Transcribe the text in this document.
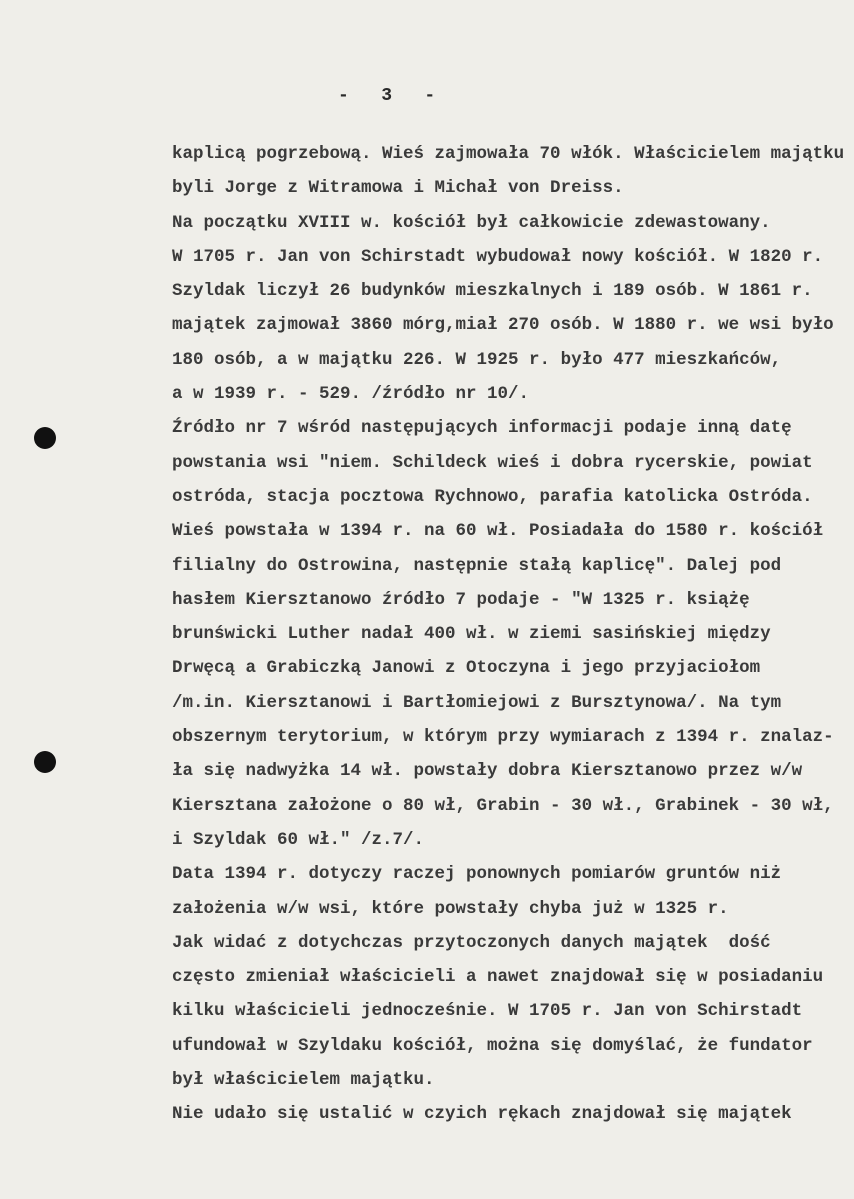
-   3   -
kaplicą pogrzebową. Wieś zajmowała 70 włók. Właścicielem majątku
byli Jorge z Witramowa i Michał von Dreiss.
Na początku XVIII w. kościół był całkowicie zdewastowany.
W 1705 r. Jan von Schirstadt wybudował nowy kościół. W 1820 r.
Szyldak liczył 26 budynków mieszkalnych i 189 osób. W 1861 r.
majątek zajmował 3860 mórg,miał 270 osób. W 1880 r. we wsi było
180 osób, a w majątku 226. W 1925 r. było 477 mieszkańców,
a w 1939 r. - 529. /źródło nr 10/.
Źródło nr 7 wśród następujących informacji podaje inną datę
powstania wsi "niem. Schildeck wieś i dobra rycerskie, powiat
ostróda, stacja pocztowa Rychnowo, parafia katolicka Ostróda.
Wieś powstała w 1394 r. na 60 wł. Posiadała do 1580 r. kościół
filialny do Ostrowina, następnie stałą kaplicę". Dalej pod
hasłem Kiersztanowo źródło 7 podaje - "W 1325 r. książę
brunświcki Luther nadał 400 wł. w ziemi sasińskiej między
Drwęcą a Grabiczką Janowi z Otoczyna i jego przyjaciołom
/m.in. Kiersztanowi i Bartłomiejowi z Bursztynowa/. Na tym
obszernym terytorium, w którym przy wymiarach z 1394 r. znalaz-
ła się nadwyżka 14 wł. powstały dobra Kiersztanowo przez w/w
Kiersztana założone o 80 wł, Grabin - 30 wł., Grabinek - 30 wł,
i Szyldak 60 wł." /z.7/.
Data 1394 r. dotyczy raczej ponownych pomiarów gruntów niż
założenia w/w wsi, które powstały chyba już w 1325 r.
Jak widać z dotychczas przytoczonych danych majątek  dość
często zmieniał właścicieli a nawet znajdował się w posiadaniu
kilku właścicieli jednocześnie. W 1705 r. Jan von Schirstadt
ufundował w Szyldaku kościół, można się domyślać, że fundator
był właścicielem majątku.
Nie udało się ustalić w czyich rękach znajdował się majątek
